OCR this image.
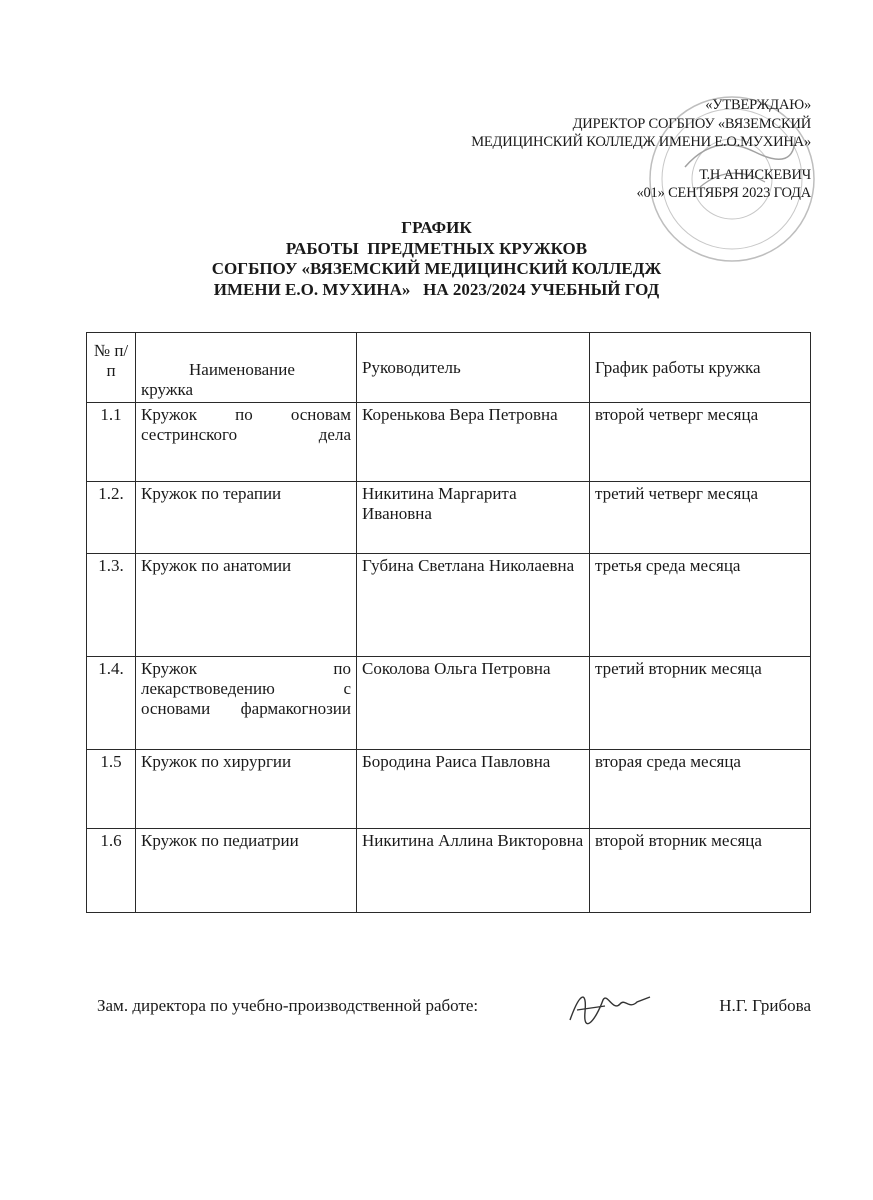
«УТВЕРЖДАЮ»
ДИРЕКТОР СОГБПОУ «ВЯЗЕМСКИЙ
МЕДИЦИНСКИЙ КОЛЛЕДЖ ИМЕНИ Е.О.МУХИНА»
Т.Н АНИСКЕВИЧ
«01» СЕНТЯБРЯ 2023 ГОДА
ГРАФИК
РАБОТЫ  ПРЕДМЕТНЫХ КРУЖКОВ
СОГБПОУ «ВЯЗЕМСКИЙ МЕДИЦИНСКИЙ КОЛЛЕДЖ
ИМЕНИ Е.О. МУХИНА»   НА 2023/2024 УЧЕБНЫЙ ГОД
№ п/п	Наименование кружка	Руководитель	График работы кружка
1.1	Кружок по основам сестринского дела	Коренькова Вера Петровна	второй четверг месяца
1.2.	Кружок по терапии	Никитина Маргарита Ивановна	третий четверг месяца
1.3.	Кружок по анатомии	Губина Светлана Николаевна	третья среда месяца
1.4.	Кружок по лекарствоведению с основами фармакогнозии	Соколова Ольга Петровна	третий вторник месяца
1.5	Кружок по хирургии	Бородина Раиса Павловна	вторая среда месяца
1.6	Кружок по педиатрии	Никитина Аллина Викторовна	второй вторник месяца
Зам. директора по учебно-производственной работе:	Н.Г. Грибова
